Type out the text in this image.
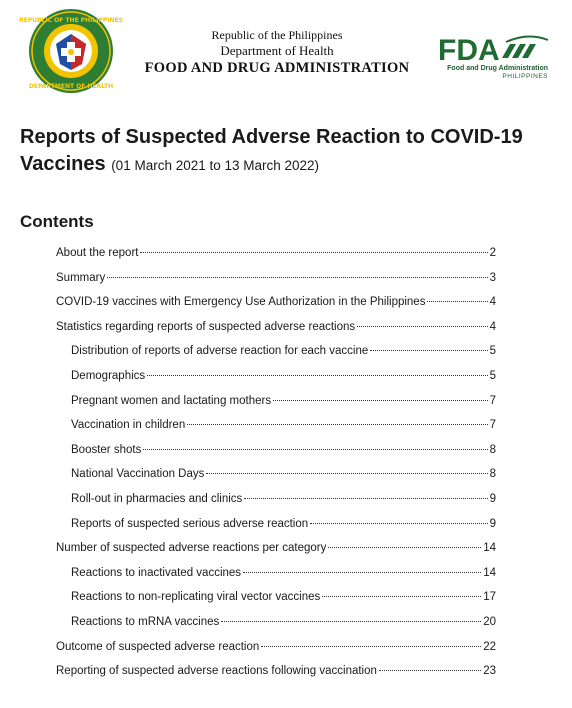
REPUBLIC OF THE PHILIPPINES
DEPARTMENT OF HEALTH
Republic of the Philippines
Department of Health
FOOD AND DRUG ADMINISTRATION
FDA
Food and Drug Administration
PHILIPPINES
Reports of Suspected Adverse Reaction to COVID-19 Vaccines (01 March 2021 to 13 March 2022)
Contents
About the report	2
Summary	3
COVID-19 vaccines with Emergency Use Authorization in the Philippines	4
Statistics regarding reports of suspected adverse reactions	4
Distribution of reports of adverse reaction for each vaccine	5
Demographics	5
Pregnant women and lactating mothers	7
Vaccination in children	7
Booster shots	8
National Vaccination Days	8
Roll-out in pharmacies and clinics	9
Reports of suspected serious adverse reaction	9
Number of suspected adverse reactions per category	14
Reactions to inactivated vaccines	14
Reactions to non-replicating viral vector vaccines	17
Reactions to mRNA vaccines	20
Outcome of suspected adverse reaction	22
Reporting of suspected adverse reactions following vaccination	23
